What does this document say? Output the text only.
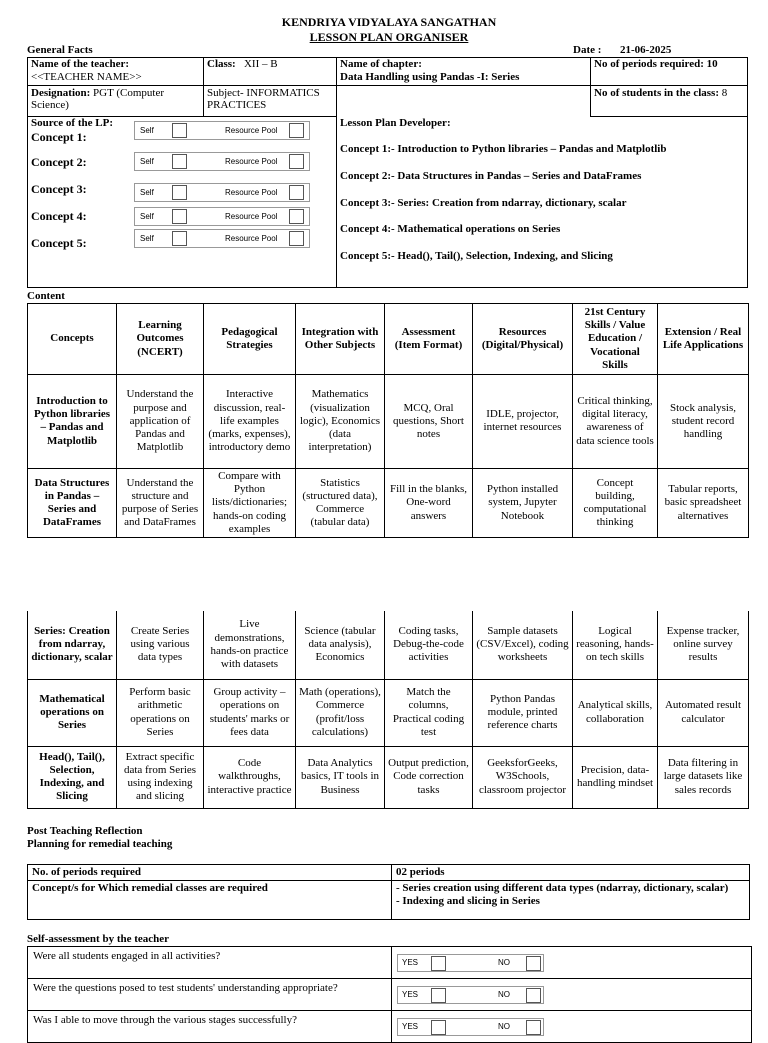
KENDRIYA VIDYALAYA SANGATHAN
LESSON PLAN ORGANISER
General Facts	Date : 21-06-2025
Name of the teacher:
<<TEACHER NAME>>
Class: XII – B	Name of chapter:
Data Handling using Pandas -I: Series
No of periods required: 10
Designation: PGT (Computer Science)
Subject- INFORMATICS PRACTICES
No of students in the class: 8
Source of the LP:
Concept 1:
Concept 2:
Concept 3:
Concept 4:
Concept 5:
Self	Resource Pool
Self	Resource Pool
Self	Resource Pool
Self	Resource Pool
Self	Resource Pool
Lesson Plan Developer:
Concept 1:- Introduction to Python libraries – Pandas and Matplotlib
Concept 2:- Data Structures in Pandas – Series and DataFrames
Concept 3:- Series: Creation from ndarray, dictionary, scalar
Concept 4:- Mathematical operations on Series
Concept 5:- Head(), Tail(), Selection, Indexing, and Slicing
Content
Concepts	Learning Outcomes (NCERT)	Pedagogical Strategies	Integration with Other Subjects	Assessment (Item Format)	Resources (Digital/Physical)	21st Century Skills / Value Education / Vocational Skills	Extension / Real Life Applications
Introduction to Python libraries – Pandas and Matplotlib	Understand the purpose and application of Pandas and Matplotlib	Interactive discussion, real-life examples (marks, expenses), introductory demo	Mathematics (visualization logic), Economics (data interpretation)	MCQ, Oral questions, Short notes	IDLE, projector, internet resources	Critical thinking, digital literacy, awareness of data science tools	Stock analysis, student record handling
Data Structures in Pandas – Series and DataFrames	Understand the structure and purpose of Series and DataFrames	Compare with Python lists/dictionaries; hands-on coding examples	Statistics (structured data), Commerce (tabular data)	Fill in the blanks, One-word answers	Python installed system, Jupyter Notebook	Concept building, computational thinking	Tabular reports, basic spreadsheet alternatives
Series: Creation from ndarray, dictionary, scalar	Create Series using various data types	Live demonstrations, hands-on practice with datasets	Science (tabular data analysis), Economics	Coding tasks, Debug-the-code activities	Sample datasets (CSV/Excel), coding worksheets	Logical reasoning, hands-on tech skills	Expense tracker, online survey results
Mathematical operations on Series	Perform basic arithmetic operations on Series	Group activity – operations on students' marks or fees data	Math (operations), Commerce (profit/loss calculations)	Match the columns, Practical coding test	Python Pandas module, printed reference charts	Analytical skills, collaboration	Automated result calculator
Head(), Tail(), Selection, Indexing, and Slicing	Extract specific data from Series using indexing and slicing	Code walkthroughs, interactive practice	Data Analytics basics, IT tools in Business	Output prediction, Code correction tasks	GeeksforGeeks, W3Schools, classroom projector	Precision, data-handling mindset	Data filtering in large datasets like sales records
Post Teaching Reflection
Planning for remedial teaching
No. of periods required	02 periods
Concept/s for Which remedial classes are required	- Series creation using different data types (ndarray, dictionary, scalar)
- Indexing and slicing in Series
Self-assessment by the teacher
Were all students engaged in all activities?	YES NO

Were the questions posed to test students' understanding appropriate?	YES NO

Was I able to move through the various stages successfully?	YES NO
